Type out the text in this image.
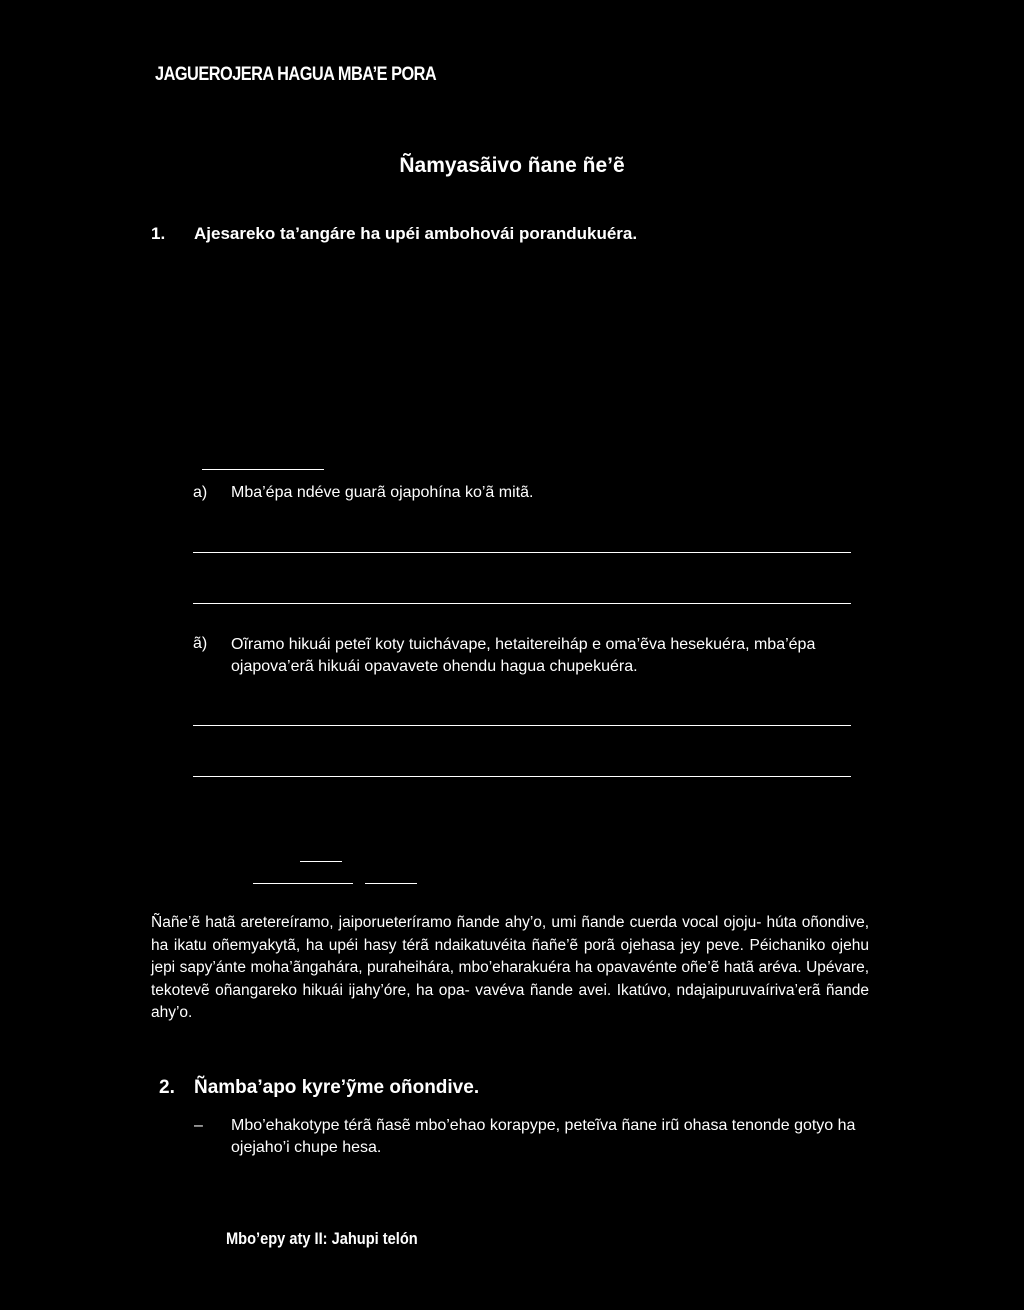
JAGUEROJERA HAGUA MBA’E PORA
Ñamyasãivo ñane ñe’ẽ
1. Ajesareko ta’angáre ha upéi ambohovái porandukuéra.
a) Mba’épa ndéve guarã ojapohína ko’ã mitã.
ã) Oĩramo hikuái peteĩ koty tuichávape, hetaitereiháp e oma’ẽva hesekuéra, mba’épa ojapova’erã hikuái opavavete ohendu hagua chupekuéra.
Ñañe’ẽ hatã aretereíramo, jaiporueteríramo ñande ahy’o, umi ñande cuerda vocal ojoju- húta oñondive, ha ikatu oñemyakytã, ha upéi hasy térã ndaikatuvéita ñañe’ẽ porã ojehasa jey peve. Péichaniko ojehu jepi sapy’ánte moha’ãngahára, puraheihára, mbo’eharakuéra ha opavavénte oñe’ẽ hatã arévа. Upévare, tekotevẽ oñangareko hikuái ijahy’óre, ha opa- vavéva ñande avei. Ikatúvo, ndajaipuruvaíriva’erã ñande ahy’o.
2. Ñamba’apo kyre’ỹme oñondive.
– Mbo’ehakotype térã ñasẽ mbo’ehao korapype, peteĩva ñane irũ ohasa tenonde gotyo ha ojejaho’i chupe hesa.
Mbo’epy aty II: Jahupi telón
